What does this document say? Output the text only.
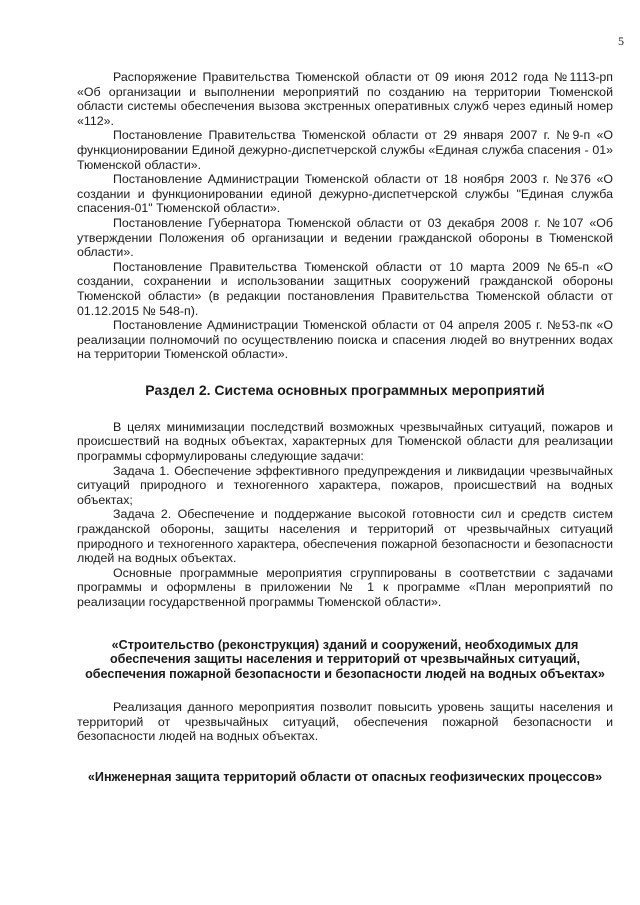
5

Распоряжение Правительства Тюменской области от 09 июня 2012 года №1113-рп «Об организации и выполнении мероприятий по созданию на территории Тюменской области системы обеспечения вызова экстренных оперативных служб через единый номер «112».

Постановление Правительства Тюменской области от 29 января 2007 г. №9-п «О функционировании Единой дежурно-диспетчерской службы «Единая служба спасения - 01» Тюменской области».

Постановление Администрации Тюменской области от 18 ноября 2003 г. №376 «О создании и функционировании единой дежурно-диспетчерской службы "Единая служба спасения-01" Тюменской области».

Постановление Губернатора Тюменской области от 03 декабря 2008 г. №107 «Об утверждении Положения об организации и ведении гражданской обороны в Тюменской области».

Постановление Правительства Тюменской области от 10 марта 2009 №65-п «О создании, сохранении и использовании защитных сооружений гражданской обороны Тюменской области» (в редакции постановления Правительства Тюменской области от 01.12.2015 № 548-п).

Постановление Администрации Тюменской области от 04 апреля 2005 г. №53-пк «О реализации полномочий по осуществлению поиска и спасения людей во внутренних водах на территории Тюменской области».

Раздел 2. Система основных программных мероприятий

В целях минимизации последствий возможных чрезвычайных ситуаций, пожаров и происшествий на водных объектах, характерных для Тюменской области для реализации программы сформулированы следующие задачи:

Задача 1. Обеспечение эффективного предупреждения и ликвидации чрезвычайных ситуаций природного и техногенного характера, пожаров, происшествий на водных объектах;

Задача 2. Обеспечение и поддержание высокой готовности сил и средств систем гражданской обороны, защиты населения и территорий от чрезвычайных ситуаций природного и техногенного характера, обеспечения пожарной безопасности и безопасности людей на водных объектах.

Основные программные мероприятия сгруппированы в соответствии с задачами программы и оформлены в приложении № 1 к программе «План мероприятий по реализации государственной программы Тюменской области».

«Строительство (реконструкция) зданий и сооружений, необходимых для обеспечения защиты населения и территорий от чрезвычайных ситуаций, обеспечения пожарной безопасности и безопасности людей на водных объектах»

Реализация данного мероприятия позволит повысить уровень защиты населения и территорий от чрезвычайных ситуаций, обеспечения пожарной безопасности и безопасности людей на водных объектах.

«Инженерная защита территорий области от опасных геофизических процессов»
